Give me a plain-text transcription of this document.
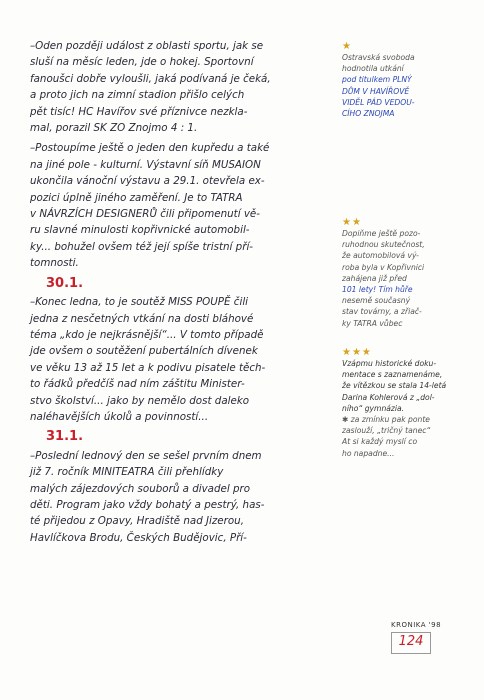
–Oden později událost z oblasti sportu, jak se
sluší na měsíc leden, jde o hokej. Sportovní
fanoušci dobře vyloušli, jaká podívaná je čeká,
a proto jich na zimní stadion přišlo celých
pět tisíc! HC Havířov své příznivce nezkla-
mal, porazil SK ZO Znojmo 4 : 1.
–Postoupíme ještě o jeden den kupředu a také
na jiné pole - kulturní. Výstavní síň MUSAION
ukončila vánoční výstavu a 29.1. otevřela ex-
pozici úplně jiného zaměření. Je to TATRA
v NÁVRZÍCH DESIGNERŮ čili připomenutí vě-
ru slavné minulosti kopřivnické automobil-
ky... bohužel ovšem též její spíše tristní pří-
tomnosti.
30.1.
–Konec ledna, to je soutěž MISS POUPĚ čili
jedna z nesčetných vtkání na dosti bláhové
téma „kdo je nejkrásnější“... V tomto případě
jde ovšem o soutěžení pubertálních dívenek
ve věku 13 až 15 let a k podivu pisatele těch-
to řádků předčíš nad ním záštitu Minister-
stvo školství... jako by nemělo dost daleko
naléhavějších úkolů a povinností...
31.1.
–Poslední lednový den se sešel prvním dnem
již 7. ročník MINITEATRA čili přehlídky
malých zájezdových souborů a divadel pro
děti. Program jako vždy bohatý a pestrý, has-
té přijedou z Opavy, Hradiště nad Jizerou,
Havlíčkova Brodu, Českých Budějovic, Pří-
★
Ostravská svoboda
hodnotila utkání
pod titulkem PLNÝ
DŮM V HAVÍŘOVĚ
VIDĚL PÁD VEDOU-
CÍHO ZNOJMA
★★
Dopiňme ještě pozo-
ruhodnou skutečnost,
že automobilová vý-
roba byla v Kopřivnici
zahájena již před
101 lety! Tím hůře
nesemě současný
stav továrny, a zřiač-
ky TATRA vůbec
★★★
Vzápmu historické doku-
mentace s zaznamenáme,
že vítězkou se stala 14-letá
Darina Kohlerová z „dol-
ního“ gymnázia.
✱ za zmínku pak ponte
zaslouží, „tričný tanec“
At si každý myslí co
ho napadne...
KRONIKA '98
124
